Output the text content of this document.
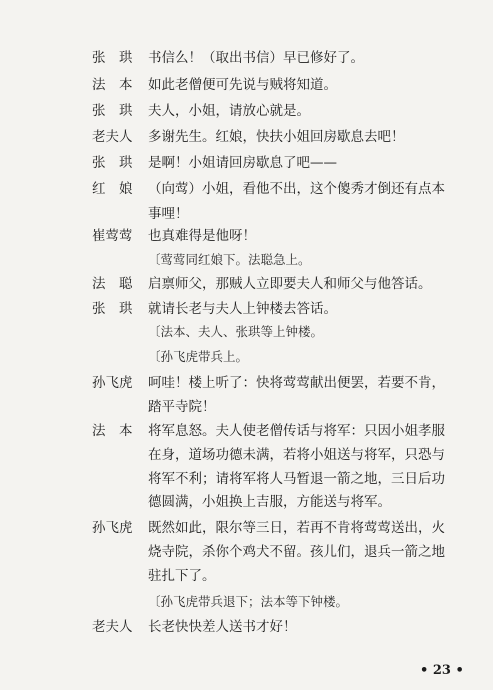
张　珙	书信么！（取出书信）早已修好了。
法　本	如此老僧便可先说与贼将知道。
张　珙	夫人，小姐，请放心就是。
老夫人	多谢先生。红娘，快扶小姐回房歇息去吧！
张　珙	是啊！小姐请回房歇息了吧——
红　娘	（向莺）小姐，看他不出，这个傻秀才倒还有点本
事哩！
崔莺莺	也真难得是他呀！
〔莺莺同红娘下。法聪急上。
法　聪	启禀师父，那贼人立即要夫人和师父与他答话。
张　珙	就请长老与夫人上钟楼去答话。
〔法本、夫人、张珙等上钟楼。
〔孙飞虎带兵上。
孙飞虎	呵哇！楼上听了：快将莺莺献出便罢，若要不肯，
踏平寺院！
法　本	将军息怒。夫人使老僧传话与将军：只因小姐孝服
在身，道场功德未满，若将小姐送与将军，只恐与
将军不利；请将军将人马暂退一箭之地，三日后功
德圆满，小姐换上吉服，方能送与将军。
孙飞虎	既然如此，限尔等三日，若再不肯将莺莺送出，火
烧寺院，杀你个鸡犬不留。孩儿们，退兵一箭之地
驻扎下了。
〔孙飞虎带兵退下；法本等下钟楼。
老夫人	长老快快差人送书才好！
• 23 •
